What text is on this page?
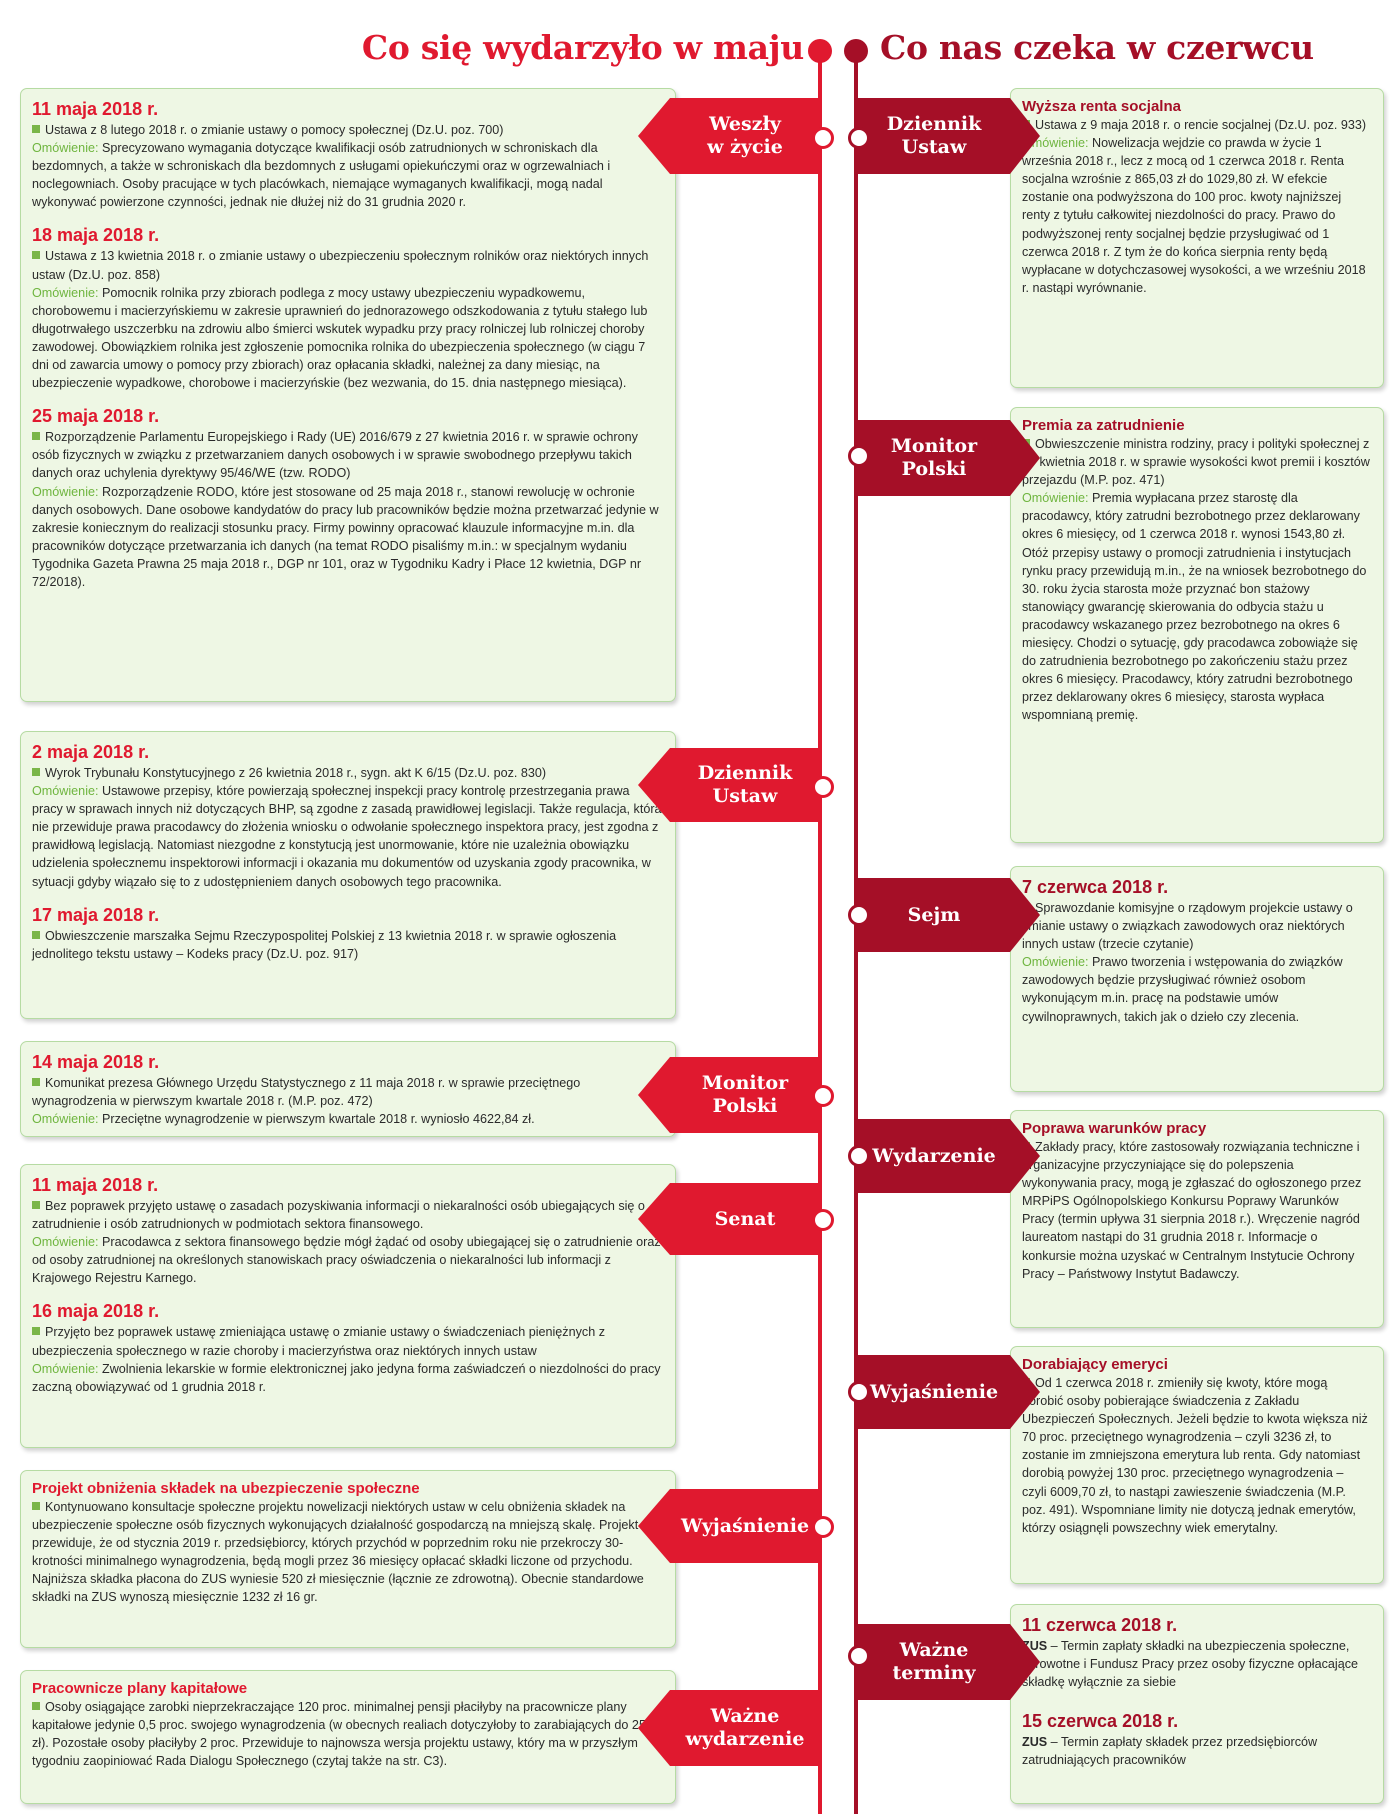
Co się wydarzyło w maju Co nas czeka w czerwcu
11 maja 2018 r.

Ustawa z 8 lutego 2018 r. o zmianie ustawy o pomocy społecznej (Dz.U. poz. 700)

Omówienie: Sprecyzowano wymagania dotyczące kwalifikacji osób zatrudnionych w schroniskach dla bezdomnych, a także w schroniskach dla bezdomnych z usługami opiekuńczymi oraz w ogrzewalniach i noclegowniach. Osoby pracujące w tych placówkach, niemające wymaganych kwalifikacji, mogą nadal wykonywać powierzone czynności, jednak nie dłużej niż do 31 grudnia 2020 r.

18 maja 2018 r.

Ustawa z 13 kwietnia 2018 r. o zmianie ustawy o ubezpieczeniu społecznym rolników oraz niektórych innych ustaw (Dz.U. poz. 858)

Omówienie: Pomocnik rolnika przy zbiorach podlega z mocy ustawy ubezpieczeniu wypadkowemu, chorobowemu i macierzyńskiemu w zakresie uprawnień do jednorazowego odszkodowania z tytułu stałego lub długotrwałego uszczerbku na zdrowiu albo śmierci wskutek wypadku przy pracy rolniczej lub rolniczej choroby zawodowej. Obowiązkiem rolnika jest zgłoszenie pomocnika rolnika do ubezpieczenia społecznego (w ciągu 7 dni od zawarcia umowy o pomocy przy zbiorach) oraz opłacania składki, należnej za dany miesiąc, na ubezpieczenie wypadkowe, chorobowe i macierzyńskie (bez wezwania, do 15. dnia następnego miesiąca).

25 maja 2018 r.

Rozporządzenie Parlamentu Europejskiego i Rady (UE) 2016/679 z 27 kwietnia 2016 r. w sprawie ochrony osób fizycznych w związku z przetwarzaniem danych osobowych i w sprawie swobodnego przepływu takich danych oraz uchylenia dyrektywy 95/46/WE (tzw. RODO)

Omówienie: Rozporządzenie RODO, które jest stosowane od 25 maja 2018 r., stanowi rewolucję w ochronie danych osobowych. Dane osobowe kandydatów do pracy lub pracowników będzie można przetwarzać jedynie w zakresie koniecznym do realizacji stosunku pracy. Firmy powinny opracować klauzule informacyjne m.in. dla pracowników dotyczące przetwarzania ich danych (na temat RODO pisaliśmy m.in.: w specjalnym wydaniu Tygodnika Gazeta Prawna 25 maja 2018 r., DGP nr 101, oraz w Tygodniku Kadry i Płace 12 kwietnia, DGP nr 72/2018).

2 maja 2018 r.

Wyrok Trybunału Konstytucyjnego z 26 kwietnia 2018 r., sygn. akt K 6/15 (Dz.U. poz. 830)

Omówienie: Ustawowe przepisy, które powierzają społecznej inspekcji pracy kontrolę przestrzegania prawa pracy w sprawach innych niż dotyczących BHP, są zgodne z zasadą prawidłowej legislacji. Także regulacja, która nie przewiduje prawa pracodawcy do złożenia wniosku o odwołanie społecznego inspektora pracy, jest zgodna z prawidłową legislacją. Natomiast niezgodne z konstytucją jest unormowanie, które nie uzależnia obowiązku udzielenia społecznemu inspektorowi informacji i okazania mu dokumentów od uzyskania zgody pracownika, w sytuacji gdyby wiązało się to z udostępnieniem danych osobowych tego pracownika.

17 maja 2018 r.

Obwieszczenie marszałka Sejmu Rzeczypospolitej Polskiej z 13 kwietnia 2018 r. w sprawie ogłoszenia jednolitego tekstu ustawy – Kodeks pracy (Dz.U. poz. 917)

14 maja 2018 r.

Komunikat prezesa Głównego Urzędu Statystycznego z 11 maja 2018 r. w sprawie przeciętnego wynagrodzenia w pierwszym kwartale 2018 r. (M.P. poz. 472)

Omówienie: Przeciętne wynagrodzenie w pierwszym kwartale 2018 r. wyniosło 4622,84 zł.

11 maja 2018 r.

Bez poprawek przyjęto ustawę o zasadach pozyskiwania informacji o niekaralności osób ubiegających się o zatrudnienie i osób zatrudnionych w podmiotach sektora finansowego.

Omówienie: Pracodawca z sektora finansowego będzie mógł żądać od osoby ubiegającej się o zatrudnienie oraz od osoby zatrudnionej na określonych stanowiskach pracy oświadczenia o niekaralności lub informacji z Krajowego Rejestru Karnego.

16 maja 2018 r.

Przyjęto bez poprawek ustawę zmieniająca ustawę o zmianie ustawy o świadczeniach pieniężnych z ubezpieczenia społecznego w razie choroby i macierzyństwa oraz niektórych innych ustaw

Omówienie: Zwolnienia lekarskie w formie elektronicznej jako jedyna forma zaświadczeń o niezdolności do pracy zaczną obowiązywać od 1 grudnia 2018 r.

Projekt obniżenia składek na ubezpieczenie społeczne

Kontynuowano konsultacje społeczne projektu nowelizacji niektórych ustaw w celu obniżenia składek na ubezpieczenie społeczne osób fizycznych wykonujących działalność gospodarczą na mniejszą skalę. Projekt przewiduje, że od stycznia 2019 r. przedsiębiorcy, których przychód w poprzednim roku nie przekroczy 30-krotności minimalnego wynagrodzenia, będą mogli przez 36 miesięcy opłacać składki liczone od przychodu. Najniższa składka płacona do ZUS wyniesie 520 zł miesięcznie (łącznie ze zdrowotną). Obecnie standardowe składki na ZUS wynoszą miesięcznie 1232 zł 16 gr.

Pracownicze plany kapitałowe

Osoby osiągające zarobki nieprzekraczające 120 proc. minimalnej pensji płaciłyby na pracownicze plany kapitałowe jedynie 0,5 proc. swojego wynagrodzenia (w obecnych realiach dotyczyłoby to zarabiających do 2520 zł). Pozostałe osoby płaciłyby 2 proc. Przewiduje to najnowsza wersja projektu ustawy, który ma w przyszłym tygodniu zaopiniować Rada Dialogu Społecznego (czytaj także na str. C3).

Wyższa renta socjalna

Ustawa z 9 maja 2018 r. o rencie socjalnej (Dz.U. poz. 933)

Omówienie: Nowelizacja wejdzie co prawda w życie 1 września 2018 r., lecz z mocą od 1 czerwca 2018 r. Renta socjalna wzrośnie z 865,03 zł do 1029,80 zł. W efekcie zostanie ona podwyższona do 100 proc. kwoty najniższej renty z tytułu całkowitej niezdolności do pracy. Prawo do podwyższonej renty socjalnej będzie przysługiwać od 1 czerwca 2018 r. Z tym że do końca sierpnia renty będą wypłacane w dotychczasowej wysokości, a we wrześniu 2018 r. nastąpi wyrównanie.

Premia za zatrudnienie

Obwieszczenie ministra rodziny, pracy i polityki społecznej z 27 kwietnia 2018 r. w sprawie wysokości kwot premii i kosztów przejazdu (M.P. poz. 471)

Omówienie: Premia wypłacana przez starostę dla pracodawcy, który zatrudni bezrobotnego przez deklarowany okres 6 miesięcy, od 1 czerwca 2018 r. wynosi 1543,80 zł. Otóż przepisy ustawy o promocji zatrudnienia i instytucjach rynku pracy przewidują m.in., że na wniosek bezrobotnego do 30. roku życia starosta może przyznać bon stażowy stanowiący gwarancję skierowania do odbycia stażu u pracodawcy wskazanego przez bezrobotnego na okres 6 miesięcy. Chodzi o sytuację, gdy pracodawca zobowiąże się do zatrudnienia bezrobotnego po zakończeniu stażu przez okres 6 miesięcy. Pracodawcy, który zatrudni bezrobotnego przez deklarowany okres 6 miesięcy, starosta wypłaca wspomnianą premię.

7 czerwca 2018 r.

Sprawozdanie komisyjne o rządowym projekcie ustawy o zmianie ustawy o związkach zawodowych oraz niektórych innych ustaw (trzecie czytanie)

Omówienie: Prawo tworzenia i wstępowania do związków zawodowych będzie przysługiwać również osobom wykonującym m.in. pracę na podstawie umów cywilnoprawnych, takich jak o dzieło czy zlecenia.

Poprawa warunków pracy

Zakłady pracy, które zastosowały rozwiązania techniczne i organizacyjne przyczyniające się do polepszenia wykonywania pracy, mogą je zgłaszać do ogłoszonego przez MRPiPS Ogólnopolskiego Konkursu Poprawy Warunków Pracy (termin upływa 31 sierpnia 2018 r.). Wręczenie nagród laureatom nastąpi do 31 grudnia 2018 r. Informacje o konkursie można uzyskać w Centralnym Instytucie Ochrony Pracy – Państwowy Instytut Badawczy.

Dorabiający emeryci

Od 1 czerwca 2018 r. zmieniły się kwoty, które mogą dorobić osoby pobierające świadczenia z Zakładu Ubezpieczeń Społecznych. Jeżeli będzie to kwota większa niż 70 proc. przeciętnego wynagrodzenia – czyli 3236 zł, to zostanie im zmniejszona emerytura lub renta. Gdy natomiast dorobią powyżej 130 proc. przeciętnego wynagrodzenia – czyli 6009,70 zł, to nastąpi zawieszenie świadczenia (M.P. poz. 491). Wspomniane limity nie dotyczą jednak emerytów, którzy osiągnęli powszechny wiek emerytalny.

11 czerwca 2018 r.

ZUS – Termin zapłaty składki na ubezpieczenia społeczne, zdrowotne i Fundusz Pracy przez osoby fizyczne opłacające składkę wyłącznie za siebie

15 czerwca 2018 r.

ZUS – Termin zapłaty składek przez przedsiębiorców zatrudniających pracowników

Weszły
w życie
Dziennik
Ustaw
Monitor
Polski
Senat
Wyjaśnienie
Ważne
wydarzenie
Dziennik
Ustaw
Monitor
Polski
Sejm
Wydarzenie
Wyjaśnienie
Ważne
terminy
